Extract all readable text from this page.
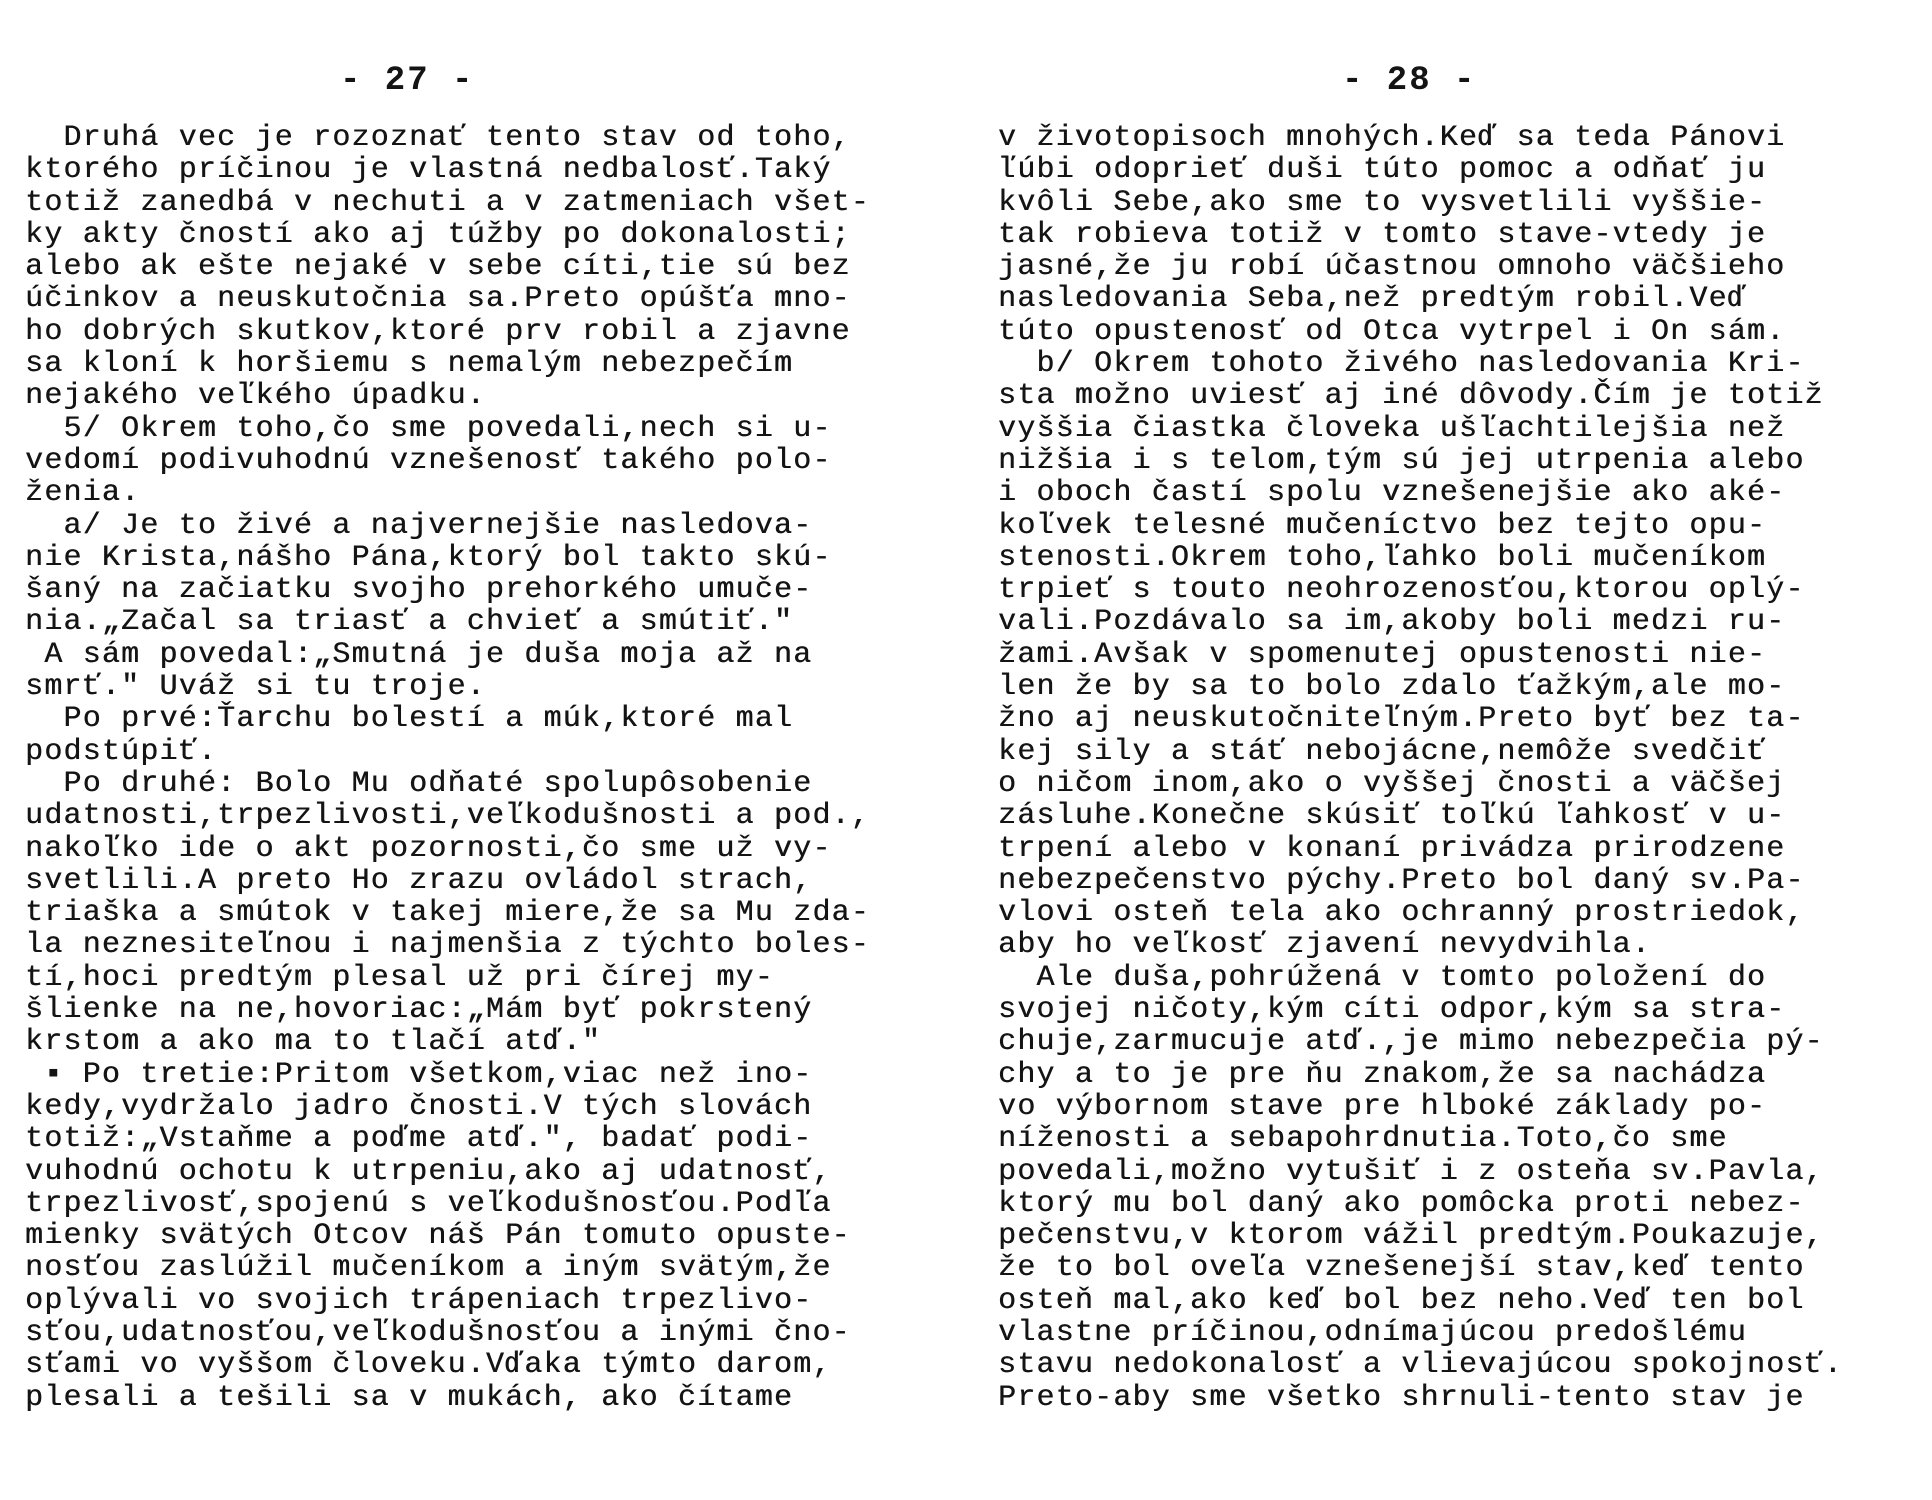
- 27 -
Druhá vec je rozoznať tento stav od toho,
ktorého príčinou je vlastná nedbalosť.Taký
totiž zanedbá v nechuti a v zatmeniach všet-
ky akty čností ako aj túžby po dokonalosti;
alebo ak ešte nejaké v sebe cíti,tie sú bez
účinkov a neuskutočnia sa.Preto opúšťa mno-
ho dobrých skutkov,ktoré prv robil a zjavne
sa kloní k horšiemu s nemalým nebezpečím
nejakého veľkého úpadku.
5/ Okrem toho,čo sme povedali,nech si u-
vedomí podivuhodnú vznešenosť takého polo-
ženia.
a/ Je to živé a najvernejšie nasledova-
nie Krista,nášho Pána,ktorý bol takto skú-
šaný na začiatku svojho prehorkého umuče-
nia.„Začal sa triasť a chvieť a smútiť."
A sám povedal:„Smutná je duša moja až na
smrť." Uváž si tu troje.
Po prvé:Ťarchu bolestí a múk,ktoré mal
podstúpiť.
Po druhé: Bolo Mu odňaté spolupôsobenie
udatnosti,trpezlivosti,veľkodušnosti a pod.,
nakoľko ide o akt pozornosti,čo sme už vy-
svetlili.A preto Ho zrazu ovládol strach,
triaška a smútok v takej miere,že sa Mu zda-
la neznesiteľnou i najmenšia z týchto boles-
tí,hoci predtým plesal už pri čírej my-
šlienke na ne,hovoriac:„Mám byť pokrstený
krstom a ako ma to tlačí atď."
▪ Po tretie:Pritom všetkom,viac než ino-
kedy,vydržalo jadro čnosti.V tých slovách
totiž:„Vstaňme a poďme atď.", badať podi-
vuhodnú ochotu k utrpeniu,ako aj udatnosť,
trpezlivosť,spojenú s veľkodušnosťou.Podľa
mienky svätých Otcov náš Pán tomuto opuste-
nosťou zaslúžil mučeníkom a iným svätým,že
oplývali vo svojich trápeniach trpezlivo-
sťou,udatnosťou,veľkodušnosťou a inými čno-
sťami vo vyššom človeku.Vďaka týmto darom,
plesali a tešili sa v mukách, ako čítame
- 28 -
v životopisoch mnohých.Keď sa teda Pánovi
ľúbi odoprieť duši túto pomoc a odňať ju
kvôli Sebe,ako sme to vysvetlili vyššie-
tak robieva totiž v tomto stave-vtedy je
jasné,že ju robí účastnou omnoho väčšieho
nasledovania Seba,než predtým robil.Veď
túto opustenosť od Otca vytrpel i On sám.
b/ Okrem tohoto živého nasledovania Kri-
sta možno uviesť aj iné dôvody.Čím je totiž
vyššia čiastka človeka ušľachtilejšia než
nižšia i s telom,tým sú jej utrpenia alebo
i oboch častí spolu vznešenejšie ako aké-
koľvek telesné mučeníctvo bez tejto opu-
stenosti.Okrem toho,ľahko boli mučeníkom
trpieť s touto neohrozenosťou,ktorou oplý-
vali.Pozdávalo sa im,akoby boli medzi ru-
žami.Avšak v spomenutej opustenosti nie-
len že by sa to bolo zdalo ťažkým,ale mo-
žno aj neuskutočniteľným.Preto byť bez ta-
kej sily a stáť nebojácne,nemôže svedčiť
o ničom inom,ako o vyššej čnosti a väčšej
zásluhe.Konečne skúsiť toľkú ľahkosť v u-
trpení alebo v konaní privádza prirodzene
nebezpečenstvo pýchy.Preto bol daný sv.Pa-
vlovi osteň tela ako ochranný prostriedok,
aby ho veľkosť zjavení nevydvihla.
Ale duša,pohrúžená v tomto položení do
svojej ničoty,kým cíti odpor,kým sa stra-
chuje,zarmucuje atď.,je mimo nebezpečia pý-
chy a to je pre ňu znakom,že sa nachádza
vo výbornom stave pre hlboké základy po-
níženosti a sebapohrdnutia.Toto,čo sme
povedali,možno vytušiť i z osteňa sv.Pavla,
ktorý mu bol daný ako pomôcka proti nebez-
pečenstvu,v ktorom vážil predtým.Poukazuje,
že to bol oveľa vznešenejší stav,keď tento
osteň mal,ako keď bol bez neho.Veď ten bol
vlastne príčinou,odnímajúcou predošlému
stavu nedokonalosť a vlievajúcou spokojnosť.
Preto-aby sme všetko shrnuli-tento stav je
